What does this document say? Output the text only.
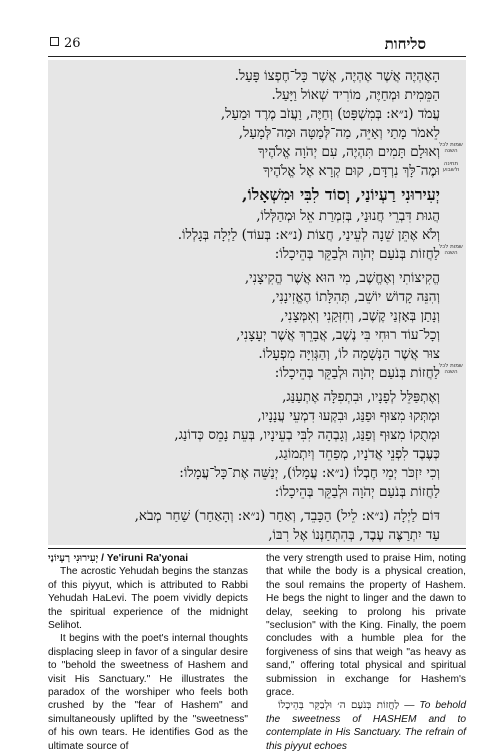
26	סליחות
הָאֶהְיֶה אֲשֶׁר אֶהְיֶה, אֲשֶׁר כָּל־חֶפְצוֹ פָּעַל.
הַמֵּמִית וּמְחַיֶּה, מוֹרִיד שְׁאוֹל וַיָּעַל.
עֲמֹד (נ״א: בְּמִשְׁפָּט) וְחַיֶּה, וַעֲזֹב מֶרֶד וּמַעַל,
לֵאמֹר מָתַי וְאַיֵּה, מַה־לְּמַטָּה וּמַה־לְּמָעַל,
וְאוּלָם תָּמִים תִּהְיֶה, עִם יְהֹוָה אֱלֹהֶיךָ
וּמֶה־לָּךְ נִרְדָּם, קוּם קְרָא אֶל אֱלֹהֶיךָ
יְעִירוּנִי רַעְיוֹנַי, וְסוֹד לִבִּי וּמִשְׁאָלוֹ,
הֲגוּת דִּבְרֵי חֲנוּנַי, בְּזִמְרַת אֵל וּמְהַלְּלוֹ,
וְלֹא אֶתֵּן שֵׁנָה לְעֵינַי, חֲצוֹת (נ״א: בְּעוֹד) לַיְלָה בְּגָלְלוֹ.
לַחֲזוֹת בְּנֹעַם יְהֹוָה וּלְבַקֵּר בְּהֵיכָלוֹ:
הֱקִיצוֹתִי וְאֶחֱשֶׁב, מִי הוּא אֲשֶׁר הֱקִיצָנִי,
וְהִנֵּה קָדוֹשׁ יוֹשֵׁב, תְּהִלָּתוֹ הֶאֱזִינָנִי,
וְנָתַן בְּאָזְנַי קֶשֶׁב, וְחִזְּקַנִי וְאִמְּצָנִי,
וְכָל־עוֹד רוּחִי בִּי נֶשֶׁב, אֲבָרֵךְ אֲשֶׁר יְעָצָנִי,
צוּר אֲשֶׁר הַנְּשָׁמָה לוֹ, וְהַגְּוִיָּה מִפְעָלוֹ.
לַחֲזוֹת בְּנֹעַם יְהֹוָה וּלְבַקֵּר בְּהֵיכָלוֹ:
וְאֶתְפַּלֵּל לְפָנָיו, וּבִתְפִלָּה אֶתְעַנַּג,
וּמְתְּקוּ מִצּוּף וּפַנַּג, וּבִקְעוּ דִמְעֵי עֲנָנָיו,
וּמְתֻקוֹ מִצּוּף וְפַנַּג, וְגָבְהָה לִבִּי בְעֵינָיו, בְּעֵת נָמֵס כְּדוֹנַג,
כְּעֶבֶד לִפְנֵי אֲדֹנָיו, מְפַחֵד וְיִתְמוֹגַג,
וְכִי יִזְכֹּר יְמֵי חֶבְלוֹ (נ״א: עֲמָלוֹ), יְנַשֵּׁה אֶת־כָּל־עֲמָלוֹ:
לַחֲזוֹת בְּנֹעַם יְהֹוָה וּלְבַקֵּר בְּהֵיכָלוֹ:
דּוֹם לַיְלָה (נ״א: לֵיל) הַכָּבֵד, וְאַחַר (נ״א: וְהָאַחַר) שַׁחַר מְבֹא,
עַד יִתְרַצֶּה עֶבֶד, בְּהִתְחַנְּנוֹ אֶל רִבּוֹ,
שמות לכל השנה
תחינה ולשבוע
שמות לכל השנה
שמות לכל השנה

יְעִירוּנִי רַעְיוֹנַי / Ye'iruni Ra'yonai

The acrostic Yehudah begins the stanzas of this piyyut, which is attributed to Rabbi Yehudah HaLevi. The poem vividly depicts the spiritual experience of the midnight Selihot.

It begins with the poet's internal thoughts displacing sleep in favor of a singular desire to "behold the sweetness of Hashem and visit His Sanctuary." He illustrates the paradox of the worshiper who feels both crushed by the "fear of Hashem" and simultaneously uplifted by the "sweetness" of his own tears. He identifies God as the ultimate source of

the very strength used to praise Him, noting that while the body is a physical creation, the soul remains the property of Hashem. He begs the night to linger and the dawn to delay, seeking to prolong his private "seclusion" with the King. Finally, the poem concludes with a humble plea for the forgiveness of sins that weigh "as heavy as sand," offering total physical and spiritual submission in exchange for Hashem's grace.

לַחֲזוֹת בְּנֹעַם ה׳ וּלְבַקֵּר בְּהֵיכָלוֹ — To behold the sweetness of HASHEM and to contemplate in His Sanctuary. The refrain of this piyyut echoes
